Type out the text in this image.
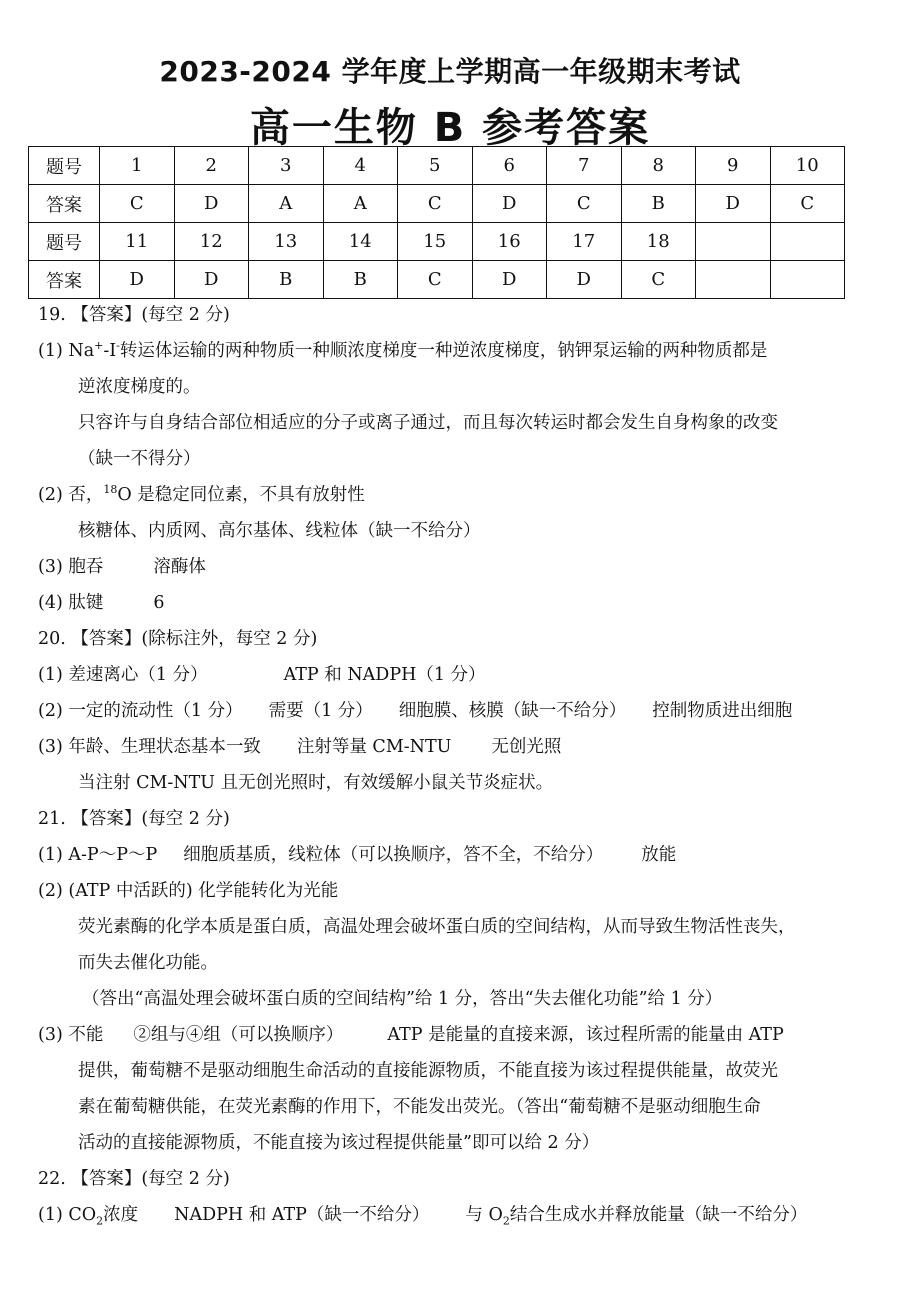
2023-2024 学年度上学期高一年级期末考试
高一生物 B 参考答案
题号	1	2	3	4	5	6	7	8	9	10
答案	C	D	A	A	C	D	C	B	D	C
题号	11	12	13	14	15	16	17	18		
答案	D	D	B	B	C	D	D	C		
19. 【答案】(每空 2 分)
(1) Na+-I-转运体运输的两种物质一种顺浓度梯度一种逆浓度梯度，钠钾泵运输的两种物质都是
逆浓度梯度的。
只容许与自身结合部位相适应的分子或离子通过，而且每次转运时都会发生自身构象的改变
（缺一不得分）
(2) 否，$^{18}$O 是稳定同位素，不具有放射性
核糖体、内质网、高尔基体、线粒体（缺一不给分）
(3) 胞吞	溶酶体
(4) 肽键	6
20. 【答案】(除标注外，每空 2 分)
(1) 差速离心（1 分）	ATP 和 NADPH（1 分）
(2) 一定的流动性（1 分） 需要（1 分） 细胞膜、核膜（缺一不给分） 控制物质进出细胞
(3) 年龄、生理状态基本一致 注射等量 CM-NTU 无创光照
当注射 CM-NTU 且无创光照时，有效缓解小鼠关节炎症状。
21. 【答案】(每空 2 分)
(1) A-P～P～P 细胞质基质，线粒体（可以换顺序，答不全，不给分） 放能
(2) (ATP 中活跃的) 化学能转化为光能
荧光素酶的化学本质是蛋白质，高温处理会破坏蛋白质的空间结构，从而导致生物活性丧失，
而失去催化功能。
（答出“高温处理会破坏蛋白质的空间结构”给 1 分，答出“失去催化功能”给 1 分）
(3) 不能 ②组与④组（可以换顺序）	ATP 是能量的直接来源，该过程所需的能量由 ATP
提供，葡萄糖不是驱动细胞生命活动的直接能源物质，不能直接为该过程提供能量，故荧光
素在葡萄糖供能，在荧光素酶的作用下，不能发出荧光。（答出“葡萄糖不是驱动细胞生命
活动的直接能源物质，不能直接为该过程提供能量”即可以给 2 分）
22. 【答案】(每空 2 分)
(1) $CO_2$浓度 NADPH 和 ATP（缺一不给分） 与 $O_2$结合生成水并释放能量（缺一不给分）
